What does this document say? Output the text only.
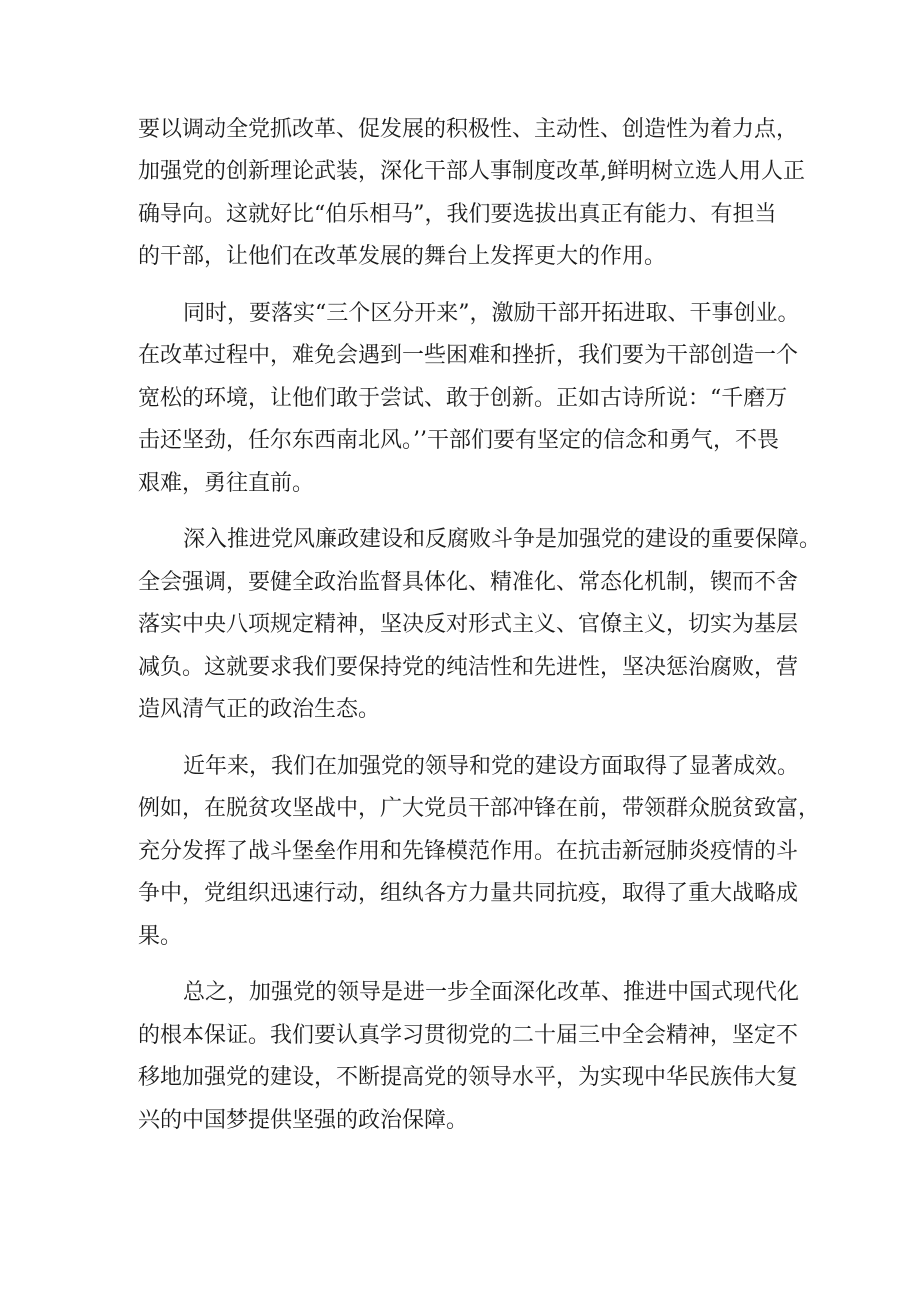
要以调动全党抓改革、促发展的积极性、主动性、创造性为着力点，

加强党的创新理论武装，深化干部人事制度改革,鲜明树立选人用人正

确导向。这就好比“伯乐相马”，我们要选拔出真正有能力、有担当

的干部，让他们在改革发展的舞台上发挥更大的作用。

同时，要落实“三个区分开来”，激励干部开拓进取、干事创业。

在改革过程中，难免会遇到一些困难和挫折，我们要为干部创造一个

宽松的环境，让他们敢于尝试、敢于创新。正如古诗所说：“千磨万

击还坚劲，任尔东西南北风。’’干部们要有坚定的信念和勇气，不畏

艰难，勇往直前。

深入推进党风廉政建设和反腐败斗争是加强党的建设的重要保障。

全会强调，要健全政治监督具体化、精准化、常态化机制，锲而不舍

落实中央八项规定精神，坚决反对形式主义、官僚主义，切实为基层

减负。这就要求我们要保持党的纯洁性和先进性，坚决惩治腐败，营

造风清气正的政治生态。

近年来，我们在加强党的领导和党的建设方面取得了显著成效。

例如，在脱贫攻坚战中，广大党员干部冲锋在前，带领群众脱贫致富，

充分发挥了战斗堡垒作用和先锋模范作用。在抗击新冠肺炎疫情的斗

争中，党组织迅速行动，组纨各方力量共同抗疫，取得了重大战略成

果。

总之，加强党的领导是进一步全面深化改革、推进中国式现代化

的根本保证。我们要认真学习贯彻党的二十届三中全会精神，坚定不

移地加强党的建设，不断提高党的领导水平，为实现中华民族伟大复

兴的中国梦提供坚强的政治保障。
